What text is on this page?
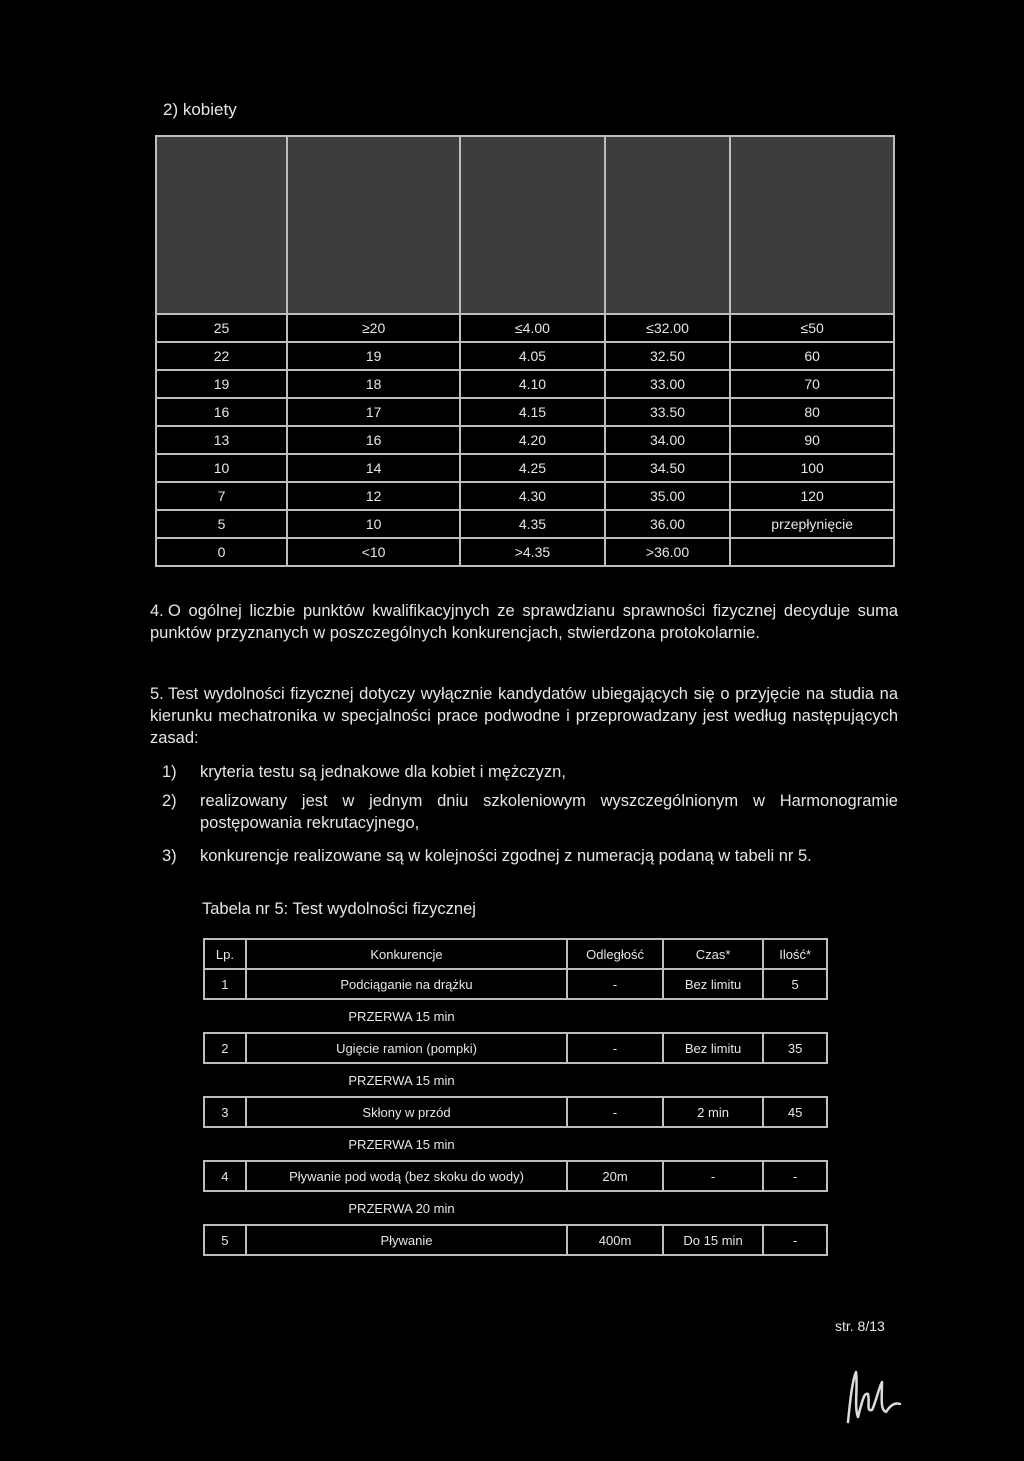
2) kobiety

25	≥20	≤4.00	≤32.00	≤50
22	19	4.05	32.50	60
19	18	4.10	33.00	70
16	17	4.15	33.50	80
13	16	4.20	34.00	90
10	14	4.25	34.50	100
7	12	4.30	35.00	120
5	10	4.35	36.00	przepłynięcie
0	<10	>4.35	>36.00	
4. O ogólnej liczbie punktów kwalifikacyjnych ze sprawdzianu sprawności fizycznej decyduje suma punktów przyznanych w poszczególnych konkurencjach, stwierdzona protokolarnie.
5. Test wydolności fizycznej dotyczy wyłącznie kandydatów ubiegających się o przyjęcie na studia na kierunku mechatronika w specjalności prace podwodne i przeprowadzany jest według następujących zasad:
1) kryteria testu są jednakowe dla kobiet i mężczyzn,
2) realizowany jest w jednym dniu szkoleniowym wyszczególnionym w Harmonogramie postępowania rekrutacyjnego,
3) konkurencje realizowane są w kolejności zgodnej z numeracją podaną w tabeli nr 5.
Tabela nr 5: Test wydolności fizycznej
Lp.	Konkurencje	Odległość	Czas*	Ilość*
1	Podciąganie na drążku	-	Bez limitu	5
PRZERWA 15 min				
2	Ugięcie ramion (pompki)	-	Bez limitu	35
PRZERWA 15 min				
3	Skłony w przód	-	2 min	45
PRZERWA 15 min				
4	Pływanie pod wodą (bez skoku do wody)	20m	-	-
PRZERWA 20 min				
5	Pływanie	400m	Do 15 min	-
str. 8/13
